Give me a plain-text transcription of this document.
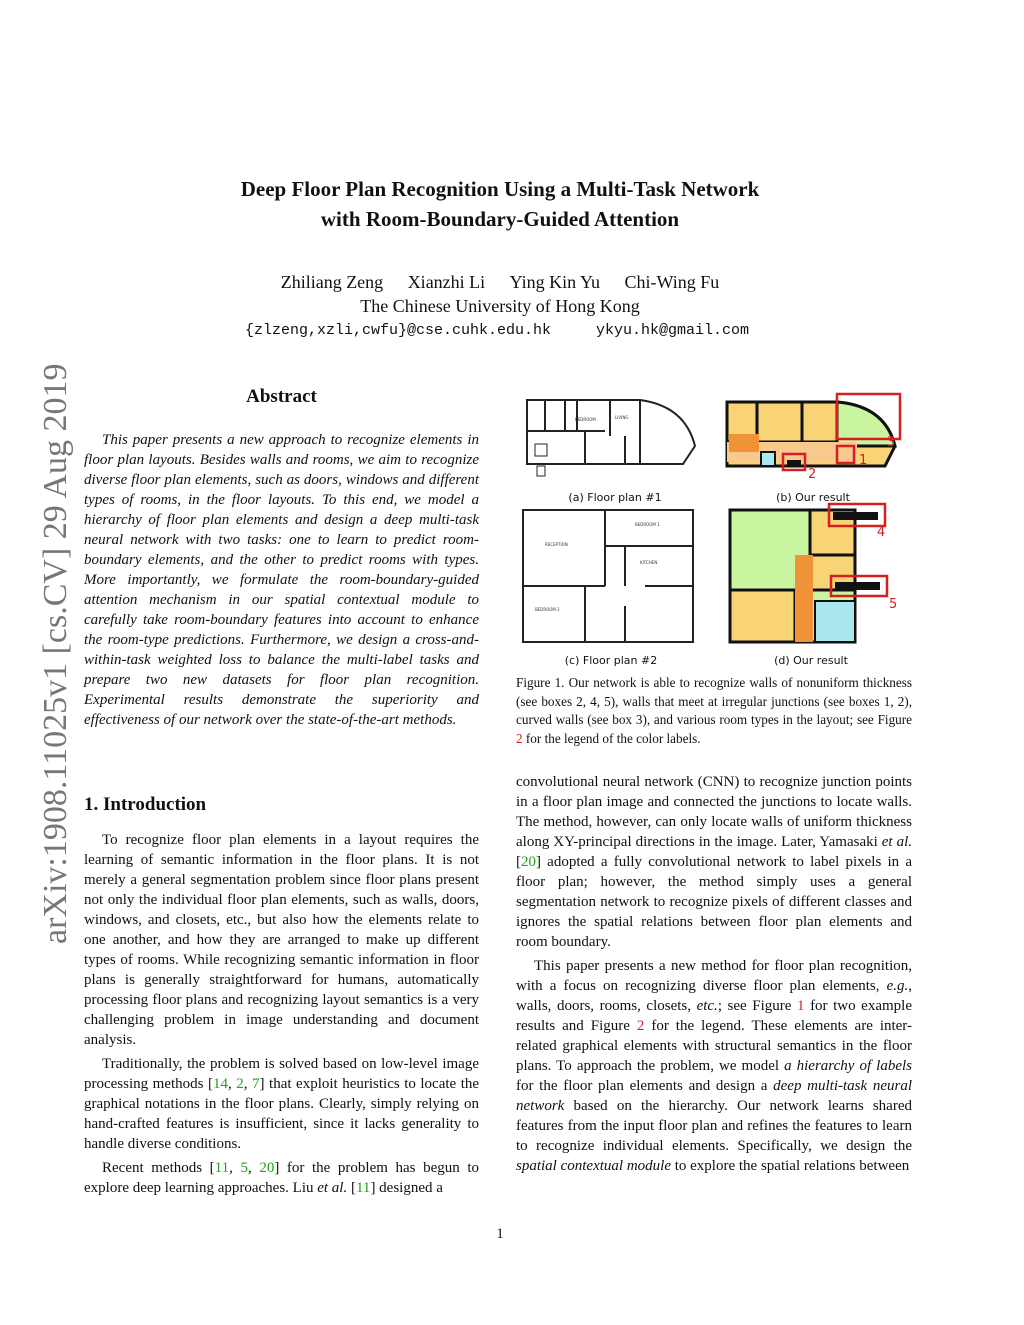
arXiv:1908.11025v1 [cs.CV] 29 Aug 2019
Deep Floor Plan Recognition Using a Multi-Task Network
with Room-Boundary-Guided Attention
Zhiliang Zeng Xianzhi Li Ying Kin Yu Chi-Wing Fu
The Chinese University of Hong Kong
{zlzeng,xzli,cwfu}@cse.cuhk.edu.hk	ykyu.hk@gmail.com
Abstract
This paper presents a new approach to recognize elements in floor plan layouts. Besides walls and rooms, we aim to recognize diverse floor plan elements, such as doors, windows and different types of rooms, in the floor layouts. To this end, we model a hierarchy of floor plan elements and design a deep multi-task neural network with two tasks: one to learn to predict room-boundary elements, and the other to predict rooms with types. More importantly, we formulate the room-boundary-guided attention mechanism in our spatial contextual module to carefully take room-boundary features into account to enhance the room-type predictions. Furthermore, we design a cross-and-within-task weighted loss to balance the multi-label tasks and prepare two new datasets for floor plan recognition. Experimental results demonstrate the superiority and effectiveness of our network over the state-of-the-art methods.
1. Introduction

To recognize floor plan elements in a layout requires the learning of semantic information in the floor plans. It is not merely a general segmentation problem since floor plans present not only the individual floor plan elements, such as walls, doors, windows, and closets, etc., but also how the elements relate to one another, and how they are arranged to make up different types of rooms. While recognizing semantic information in floor plans is generally straightforward for humans, automatically processing floor plans and recognizing layout semantics is a very challenging problem in image understanding and document analysis.

Traditionally, the problem is solved based on low-level image processing methods [14, 2, 7] that exploit heuristics to locate the graphical notations in the floor plans. Clearly, simply relying on hand-crafted features is insufficient, since it lacks generality to handle diverse conditions.

Recent methods [11, 5, 20] for the problem has begun to explore deep learning approaches. Liu et al. [11] designed a

BEDROOM	LIVING
(a) Floor plan #1
1
2
3
(b) Our result
RECEPTION
BEDROOM 1
KITCHEN
BEDROOM 2
(c) Floor plan #2
4
5
(d) Our result
Figure 1. Our network is able to recognize walls of nonuniform thickness (see boxes 2, 4, 5), walls that meet at irregular junctions (see boxes 1, 2), curved walls (see box 3), and various room types in the layout; see Figure 2 for the legend of the color labels.

convolutional neural network (CNN) to recognize junction points in a floor plan image and connected the junctions to locate walls. The method, however, can only locate walls of uniform thickness along XY-principal directions in the image. Later, Yamasaki et al. [20] adopted a fully convolutional network to label pixels in a floor plan; however, the method simply uses a general segmentation network to recognize pixels of different classes and ignores the spatial relations between floor plan elements and room boundary.

This paper presents a new method for floor plan recognition, with a focus on recognizing diverse floor plan elements, e.g., walls, doors, rooms, closets, etc.; see Figure 1 for two example results and Figure 2 for the legend. These elements are inter-related graphical elements with structural semantics in the floor plans. To approach the problem, we model a hierarchy of labels for the floor plan elements and design a deep multi-task neural network based on the hierarchy. Our network learns shared features from the input floor plan and refines the features to learn to recognize individual elements. Specifically, we design the spatial contextual module to explore the spatial relations between

1
